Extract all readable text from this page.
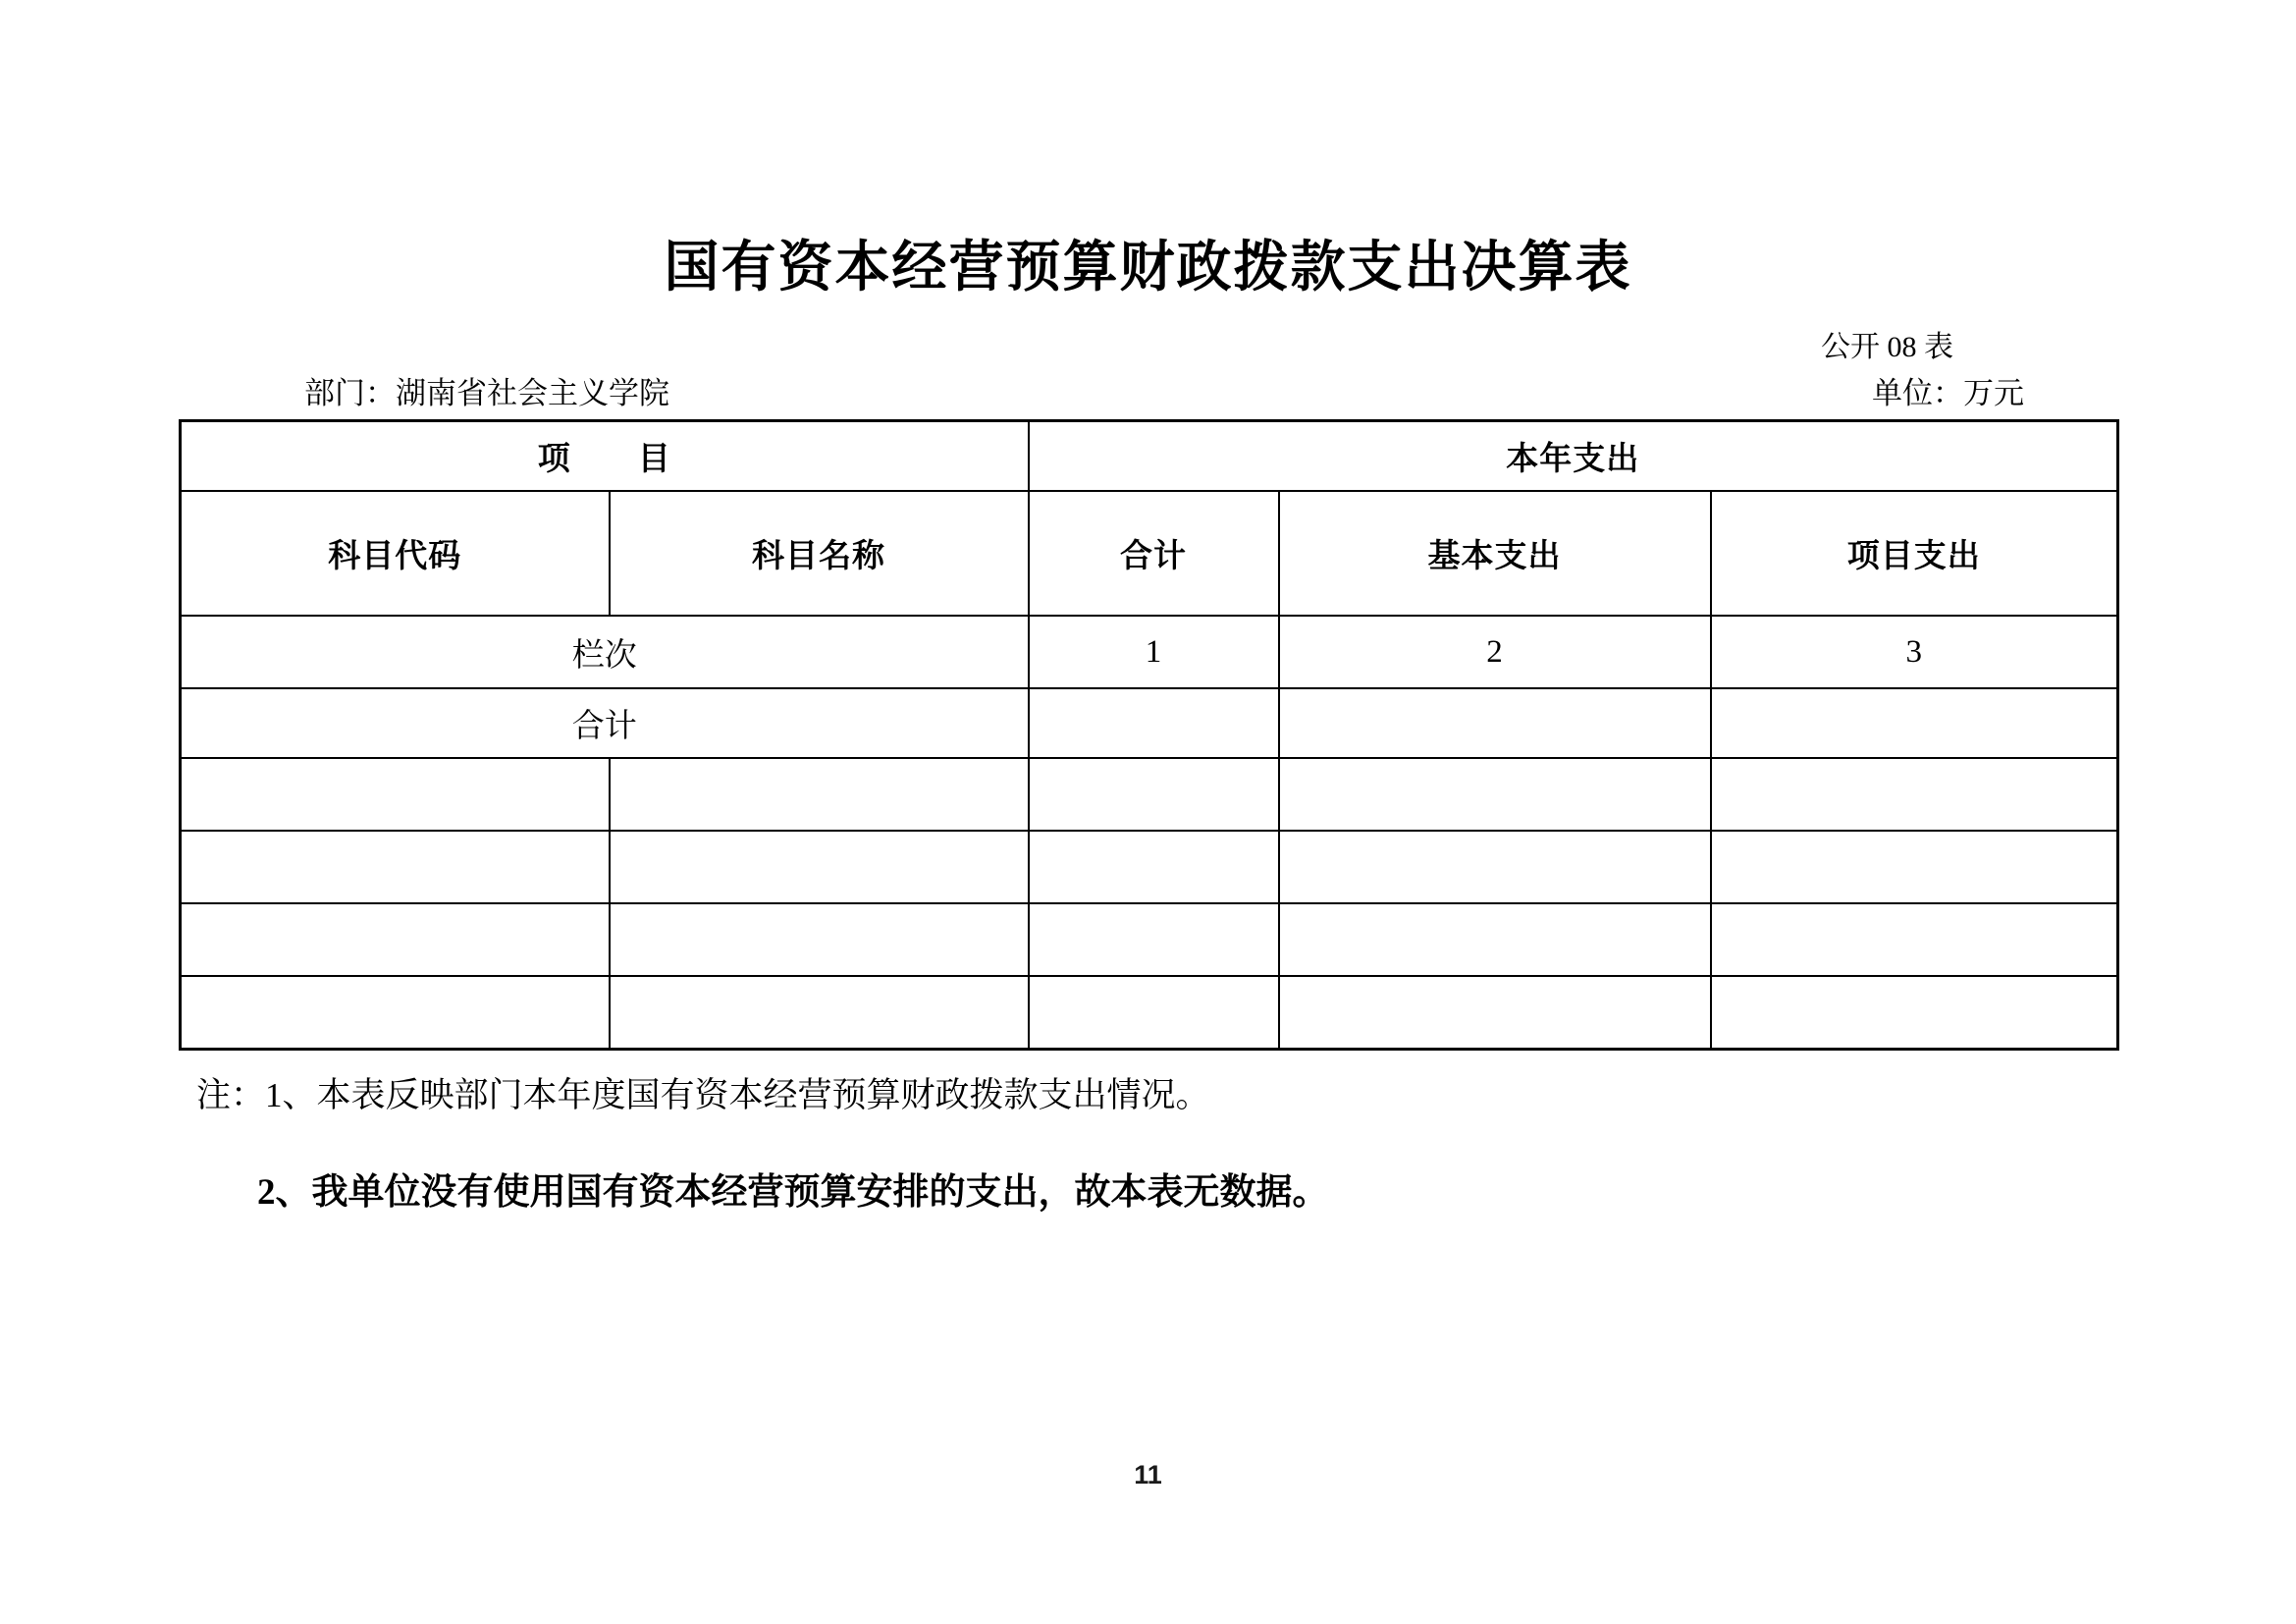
国有资本经营预算财政拨款支出决算表
公开 08 表
部门：湖南省社会主义学院	单位：万元
项　　目		本年支出		
科目代码	科目名称	合计	基本支出	项目支出
栏次		1	2	3
合计				

注：1、本表反映部门本年度国有资本经营预算财政拨款支出情况。

2、我单位没有使用国有资本经营预算安排的支出，故本表无数据。

11
